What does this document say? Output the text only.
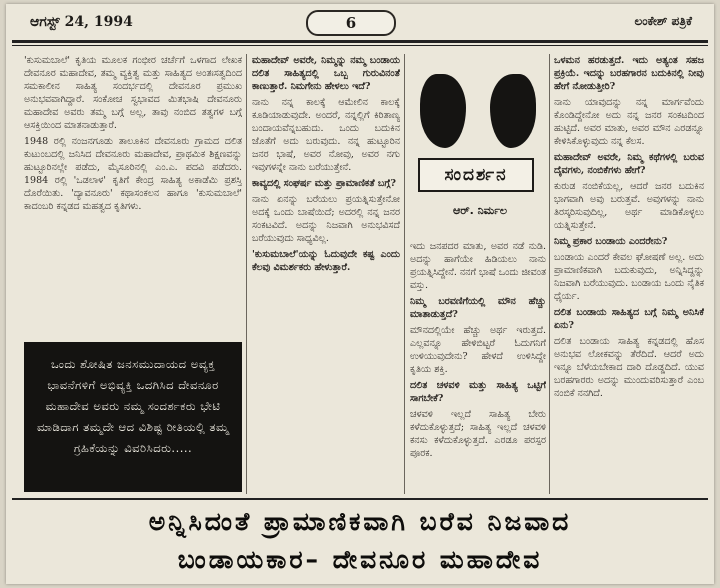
ಆಗಸ್ಟ್ 24, 1994	6	ಲಂಕೇಶ್ ಪತ್ರಿಕೆ

'ಕುಸುಮಬಾಲೆ' ಕೃತಿಯ ಮೂಲಕ ಗಂಭೀರ ಚರ್ಚೆಗೆ ಒಳಗಾದ ಲೇಖಕ ದೇವನೂರ ಮಹಾದೇವ, ತಮ್ಮ ವ್ಯಕ್ತಿತ್ವ ಮತ್ತು ಸಾಹಿತ್ಯದ ಅಂತಃಸತ್ವದಿಂದ ಸಮಕಾಲೀನ ಸಾಹಿತ್ಯ ಸಂದರ್ಭದಲ್ಲಿ ದೇವನೂರ ಪ್ರಮುಖ ಅನುಭವವಾಗಿದ್ದಾರೆ. ಸಂಕೋಚ ಸ್ವಭಾವದ ಮಿತಭಾಷಿ ದೇವನೂರು ಮಹಾದೇವ ಅವರು ತಮ್ಮ ಬಗ್ಗೆ ಅಲ್ಲ, ತಾವು ನಂಬಿದ ತತ್ವಗಳ ಬಗ್ಗೆ ಆಸಕ್ತಿಯಿಂದ ಮಾತನಾಡುತ್ತಾರೆ.

1948 ರಲ್ಲಿ ನಂಜನಗೂಡು ತಾಲೂಕಿನ ದೇವನೂರು ಗ್ರಾಮದ ದಲಿತ ಕುಟುಂಬದಲ್ಲಿ ಜನಿಸಿದ ದೇವನೂರು ಮಹಾದೇವ, ಪ್ರಾಥಮಿಕ ಶಿಕ್ಷಣವನ್ನು ಹುಟ್ಟೂರಿನಲ್ಲೇ ಪಡೆದು, ಮೈಸೂರಿನಲ್ಲಿ ಎಂ.ಎ. ಪದವಿ ಪಡೆದರು. 1984 ರಲ್ಲಿ 'ಒಡಲಾಳ' ಕೃತಿಗೆ ಕೇಂದ್ರ ಸಾಹಿತ್ಯ ಅಕಾಡೆಮಿ ಪ್ರಶಸ್ತಿ ದೊರೆಯಿತು. 'ದ್ಯಾವನೂರು' ಕಥಾಸಂಕಲನ ಹಾಗೂ 'ಕುಸುಮಬಾಲೆ' ಕಾದಂಬರಿ ಕನ್ನಡದ ಮಹತ್ವದ ಕೃತಿಗಳು.

ಒಂದು ಶೋಷಿತ ಜನಸಮುದಾಯದ ಅವ್ಯಕ್ತ ಭಾವನೆಗಳಿಗೆ ಅಭಿವ್ಯಕ್ತಿ ಒದಗಿಸಿದ ದೇವನೂರ ಮಹಾದೇವ ಅವರು ನಮ್ಮ ಸಂದರ್ಶಕರು ಭೇಟಿ ಮಾಡಿದಾಗ ತಮ್ಮದೇ ಆದ ವಿಶಿಷ್ಟ ರೀತಿಯಲ್ಲಿ ತಮ್ಮ ಗ್ರಹಿಕೆಯನ್ನು ವಿವರಿಸಿದರು.....

ಮಹಾದೇವ್ ಅವರೇ, ನಿಮ್ಮನ್ನು ನಮ್ಮ ಬಂಡಾಯ ದಲಿತ ಸಾಹಿತ್ಯದಲ್ಲಿ ಒಬ್ಬ ಗುರುವಿನಂತೆ ಕಾಣುತ್ತಾರೆ. ನಿಮಗೇನು ಹೇಳಲು ಇದೆ?

ನಾನು ನನ್ನ ಕಾಲಕ್ಕೆ ಆಮೇಲಿನ ಕಾಲಕ್ಕೆ ಕೂಡಿಯಾಡುವುದೇ. ಅಂದರೆ, ನನ್ನಲ್ಲಿಗೆ ಕಿರಿತಾಣ್ಯ ಬಂದಾಯವೆನ್ನಬಹುದು. ಒಂದು ಬದುಕಿನ ಜೊತೆಗೆ ಅದು ಬರುವುದು. ನನ್ನ ಹುಟ್ಟೂರಿನ ಜನರ ಭಾಷೆ, ಅವರ ನೋವು, ಅವರ ನಗು ಇವುಗಳನ್ನೇ ನಾನು ಬರೆಯುತ್ತೇನೆ.

ಕಾವ್ಯದಲ್ಲಿ ಸಂಘರ್ಷ ಮತ್ತು ಪ್ರಾಮಾಣಿಕತೆ ಬಗ್ಗೆ?

ನಾನು ಏನನ್ನು ಬರೆಯಲು ಪ್ರಯತ್ನಿಸುತ್ತೇನೋ ಅದಕ್ಕೆ ಒಂದು ಬಾಷೆಯಿದೆ; ಅದರಲ್ಲಿ ನನ್ನ ಜನರ ಸಂಕಟವಿದೆ. ಅದನ್ನು ನಿಜವಾಗಿ ಅನುಭವಿಸದೆ ಬರೆಯುವುದು ಸಾಧ್ಯವಿಲ್ಲ.

'ಕುಸುಮಬಾಲೆ'ಯನ್ನು ಓದುವುದೇ ಕಷ್ಟ ಎಂದು ಕೆಲವು ವಿಮರ್ಶಕರು ಹೇಳುತ್ತಾರೆ.

ಸಂದರ್ಶನ
ಆರ್. ನಿರ್ಮಲ

ಇದು ಜನಪದರ ಮಾತು, ಅವರ ನಡೆ ನುಡಿ. ಅದನ್ನು ಹಾಗೆಯೇ ಹಿಡಿಯಲು ನಾನು ಪ್ರಯತ್ನಿಸಿದ್ದೇನೆ. ನನಗೆ ಭಾಷೆ ಒಂದು ಜೀವಂತ ವಸ್ತು.

ನಿಮ್ಮ ಬರವಣಿಗೆಯಲ್ಲಿ ಮೌನ ಹೆಚ್ಚು ಮಾತಾಡುತ್ತದೆ?

ಮೌನದಲ್ಲಿಯೇ ಹೆಚ್ಚು ಅರ್ಥ ಇರುತ್ತದೆ. ಎಲ್ಲವನ್ನೂ ಹೇಳಿಬಿಟ್ಟರೆ ಓದುಗನಿಗೆ ಉಳಿಯುವುದೇನು? ಹೇಳದೆ ಉಳಿಸಿದ್ದೇ ಕೃತಿಯ ಶಕ್ತಿ.

ದಲಿತ ಚಳವಳಿ ಮತ್ತು ಸಾಹಿತ್ಯ ಒಟ್ಟಿಗೆ ಸಾಗಬೇಕೆ?

ಚಳವಳಿ ಇಲ್ಲದೆ ಸಾಹಿತ್ಯ ಬೇರು ಕಳೆದುಕೊಳ್ಳುತ್ತದೆ; ಸಾಹಿತ್ಯ ಇಲ್ಲದೆ ಚಳವಳಿ ಕನಸು ಕಳೆದುಕೊಳ್ಳುತ್ತದೆ. ಎರಡೂ ಪರಸ್ಪರ ಪೂರಕ.

ಒಳಮನ ಹರಡುತ್ತದೆ. ಇದು ಅತ್ಯಂತ ಸಹಜ ಪ್ರಕ್ರಿಯೆ. ಇದನ್ನು ಬರಹಗಾರನ ಬದುಕಿನಲ್ಲಿ ನೀವು ಹೇಗೆ ನೋಡುತ್ತೀರಿ?

ನಾನು ಯಾವುದನ್ನು ನನ್ನ ಮಾರ್ಗವೆಂದು ಕೊಂಡಿದ್ದೇನೋ ಅದು ನನ್ನ ಜನರ ಸಂಕಟದಿಂದ ಹುಟ್ಟಿದೆ. ಅವರ ಮಾತು, ಅವರ ಮೌನ ಎರಡನ್ನೂ ಕೇಳಿಸಿಕೊಳ್ಳುವುದು ನನ್ನ ಕೆಲಸ.

ಮಹಾದೇವ್ ಅವರೇ, ನಿಮ್ಮ ಕಥೆಗಳಲ್ಲಿ ಬರುವ ದೈವಗಳು, ನಂಬಿಕೆಗಳು ಹೇಗೆ?

ಕುರುಡ ನಂಬಿಕೆಯಲ್ಲ, ಆದರೆ ಜನರ ಬದುಕಿನ ಭಾಗವಾಗಿ ಅವು ಬರುತ್ತವೆ. ಅವುಗಳನ್ನು ನಾನು ತಿರಸ್ಕರಿಸುವುದಿಲ್ಲ, ಅರ್ಥ ಮಾಡಿಕೊಳ್ಳಲು ಯತ್ನಿಸುತ್ತೇನೆ.

ನಿಮ್ಮ ಪ್ರಕಾರ ಬಂಡಾಯ ಎಂದರೇನು?

ಬಂಡಾಯ ಎಂದರೆ ಕೇವಲ ಘೋಷಣೆ ಅಲ್ಲ. ಅದು ಪ್ರಾಮಾಣಿಕವಾಗಿ ಬದುಕುವುದು, ಅನ್ನಿಸಿದ್ದನ್ನು ನಿಜವಾಗಿ ಬರೆಯುವುದು. ಬಂಡಾಯ ಒಂದು ನೈತಿಕ ಧೈರ್ಯ.

ದಲಿತ ಬಂಡಾಯ ಸಾಹಿತ್ಯದ ಬಗ್ಗೆ ನಿಮ್ಮ ಅನಿಸಿಕೆ ಏನು?

ದಲಿತ ಬಂಡಾಯ ಸಾಹಿತ್ಯ ಕನ್ನಡದಲ್ಲಿ ಹೊಸ ಅನುಭವ ಲೋಕವನ್ನು ತೆರೆದಿದೆ. ಆದರೆ ಅದು ಇನ್ನೂ ಬೆಳೆಯಬೇಕಾದ ದಾರಿ ದೊಡ್ಡದಿದೆ. ಯುವ ಬರಹಗಾರರು ಅದನ್ನು ಮುಂದುವರಿಸುತ್ತಾರೆ ಎಂಬ ನಂಬಿಕೆ ನನಗಿದೆ.

ಅನ್ನಿಸಿದಂತೆ ಪ್ರಾಮಾಣಿಕವಾಗಿ ಬರೆವ ನಿಜವಾದ
ಬಂಡಾಯಕಾರ– ದೇವನೂರ ಮಹಾದೇವ
